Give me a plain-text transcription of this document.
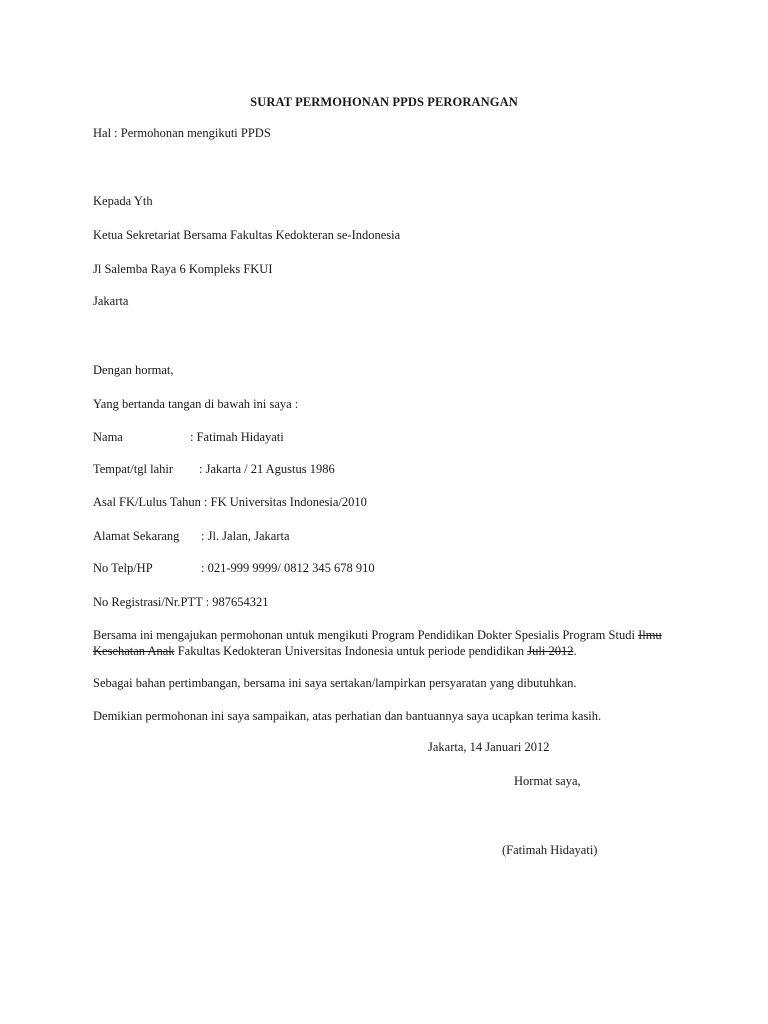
SURAT PERMOHONAN PPDS PERORANGAN
Hal : Permohonan mengikuti PPDS
Kepada Yth
Ketua Sekretariat Bersama Fakultas Kedokteran se-Indonesia
Jl Salemba Raya 6 Kompleks FKUI
Jakarta
Dengan hormat,
Yang bertanda tangan di bawah ini saya :
Nama	: Fatimah Hidayati
Tempat/tgl lahir : Jakarta / 21 Agustus 1986
Asal FK/Lulus Tahun : FK Universitas Indonesia/2010
Alamat Sekarang : Jl. Jalan, Jakarta
No Telp/HP	: 021-999 9999/ 0812 345 678 910
No Registrasi/Nr.PTT : 987654321
Bersama ini mengajukan permohonan untuk mengikuti Program Pendidikan Dokter Spesialis Program Studi Ilmu Kesehatan Anak Fakultas Kedokteran Universitas Indonesia untuk periode pendidikan Juli 2012.
Sebagai bahan pertimbangan, bersama ini saya sertakan/lampirkan persyaratan yang dibutuhkan.
Demikian permohonan ini saya sampaikan, atas perhatian dan bantuannya saya ucapkan terima kasih.
Jakarta, 14 Januari 2012
Hormat saya,
(Fatimah Hidayati)
